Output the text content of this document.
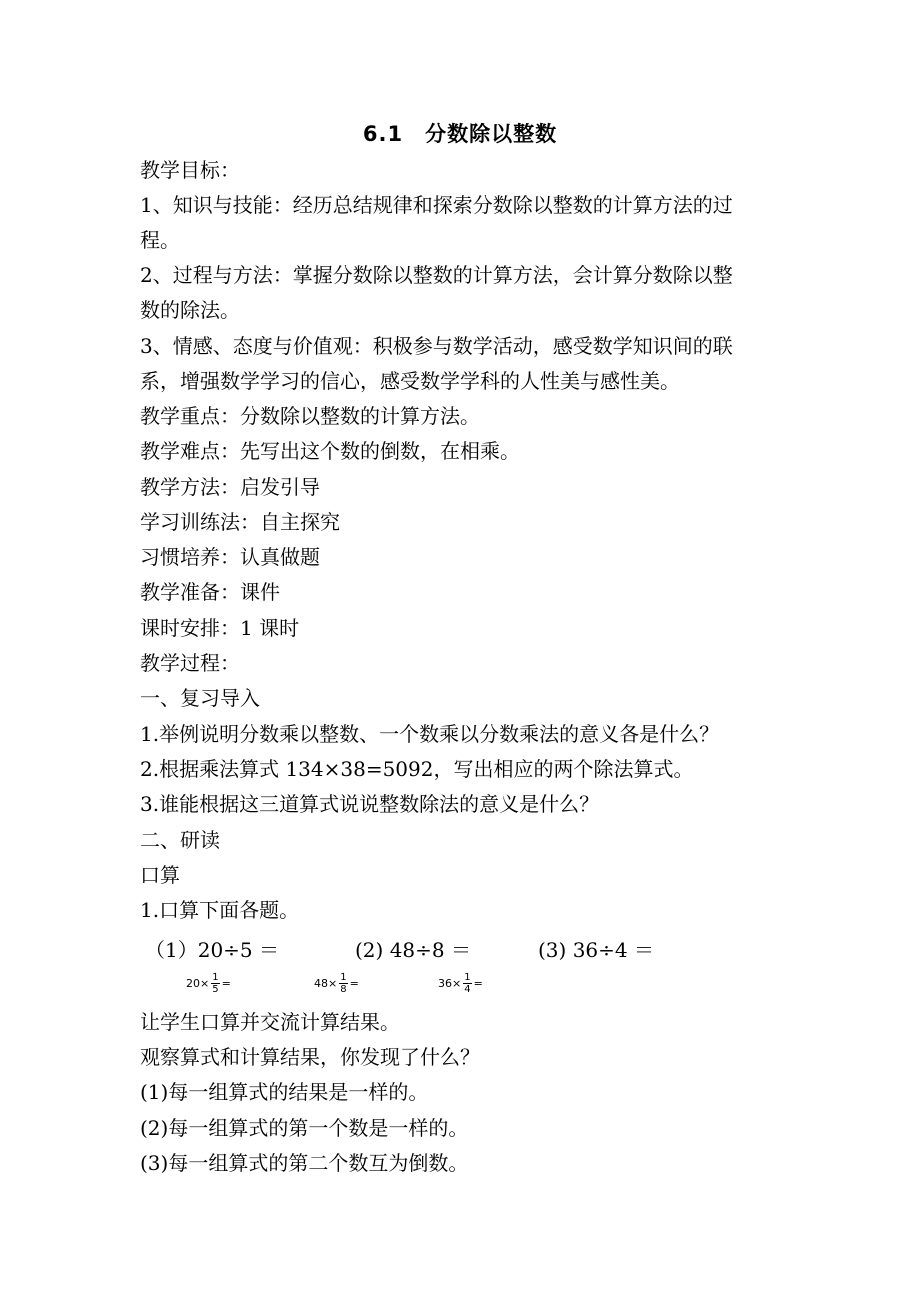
6.1　分数除以整数
教学目标：
1、知识与技能：经历总结规律和探索分数除以整数的计算方法的过
程。
2、过程与方法：掌握分数除以整数的计算方法，会计算分数除以整
数的除法。
3、情感、态度与价值观：积极参与数学活动，感受数学知识间的联
系，增强数学学习的信心，感受数学学科的人性美与感性美。
教学重点：分数除以整数的计算方法。
教学难点：先写出这个数的倒数，在相乘。
教学方法：启发引导
学习训练法：自主探究
习惯培养：认真做题
教学准备：课件
课时安排：1 课时
教学过程：
一、复习导入
1.举例说明分数乘以整数、一个数乘以分数乘法的意义各是什么？
2.根据乘法算式 134×38=5092，写出相应的两个除法算式。
3.谁能根据这三道算式说说整数除法的意义是什么？
二、研读
口算
1.口算下面各题。
（1）20÷5 ＝	(2) 48÷8 ＝	(3) 36÷4 ＝
$20\times \frac{1}{5}$ =	$48\times \frac{1}{8}$ =	$36\times \frac{1}{4}$ =
让学生口算并交流计算结果。
观察算式和计算结果，你发现了什么？
(1)每一组算式的结果是一样的。
(2)每一组算式的第一个数是一样的。
(3)每一组算式的第二个数互为倒数。
